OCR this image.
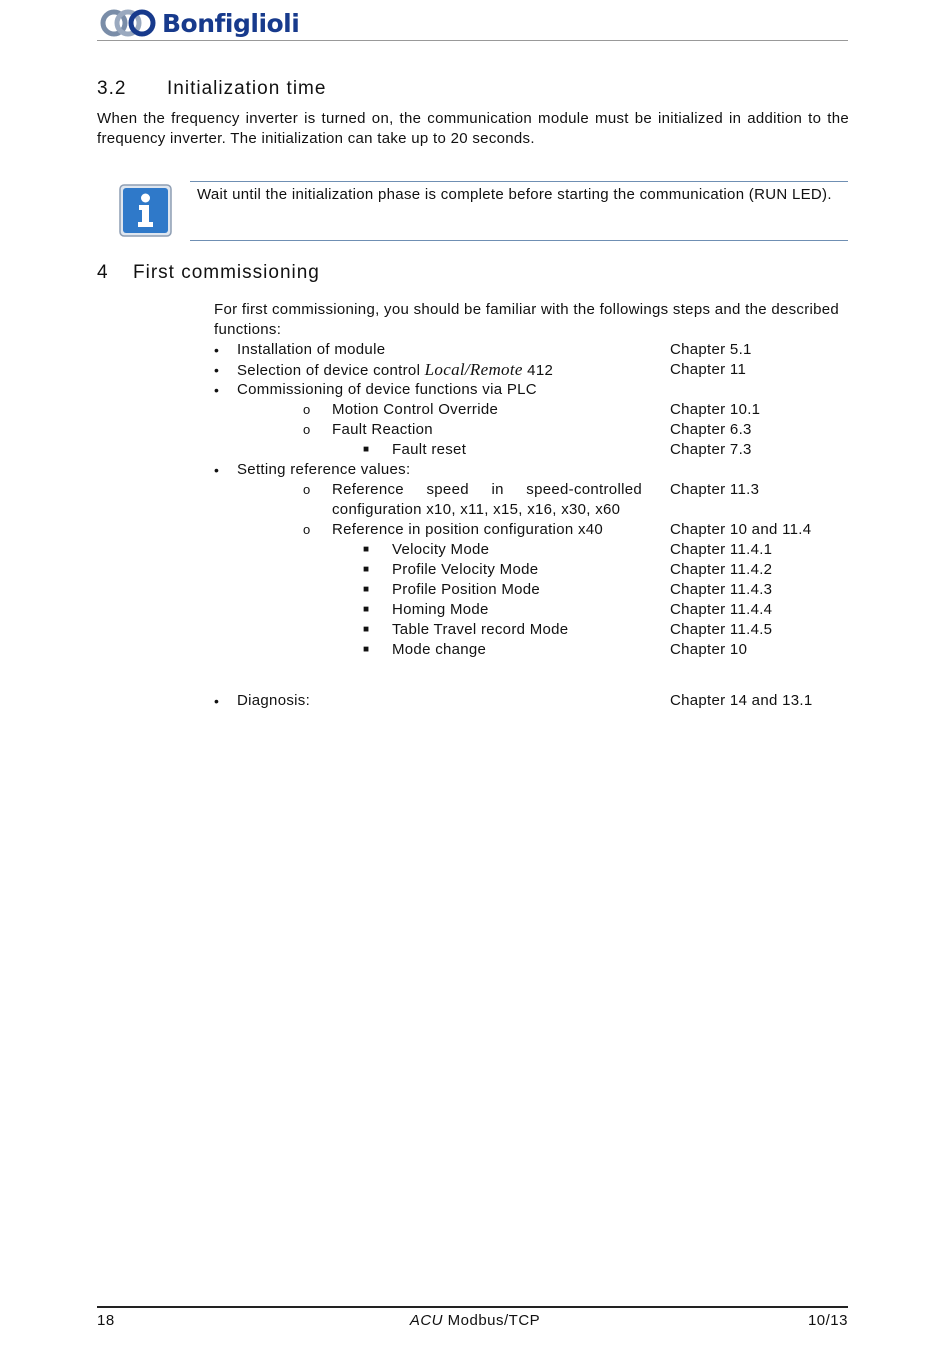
Bonfiglioli
3.2 Initialization time

When the frequency inverter is turned on, the communication module must be initialized in addition to the frequency inverter. The initialization can take up to 20 seconds.

Wait until the initialization phase is complete before starting the communication (RUN LED).

4 First commissioning

For first commissioning, you should be familiar with the followings steps and the described functions:

• Installation of module	Chapter 5.1
• Selection of device control Local/Remote 412	Chapter 11
• Commissioning of device functions via PLC
o Motion Control Override	Chapter 10.1
o Fault Reaction	Chapter 6.3
■ Fault reset	Chapter 7.3
• Setting reference values:
o Reference speed in speed-controlled configuration x10, x11, x15, x16, x30, x60
Chapter 11.3
o Reference in position configuration x40	Chapter 10 and 11.4
■ Velocity Mode	Chapter 11.4.1
■ Profile Velocity Mode	Chapter 11.4.2
■ Profile Position Mode	Chapter 11.4.3
■ Homing Mode	Chapter 11.4.4
■ Table Travel record Mode	Chapter 11.4.5
■ Mode change	Chapter 10
• Diagnosis:	Chapter 14 and 13.1
18	ACU Modbus/TCP	10/13
